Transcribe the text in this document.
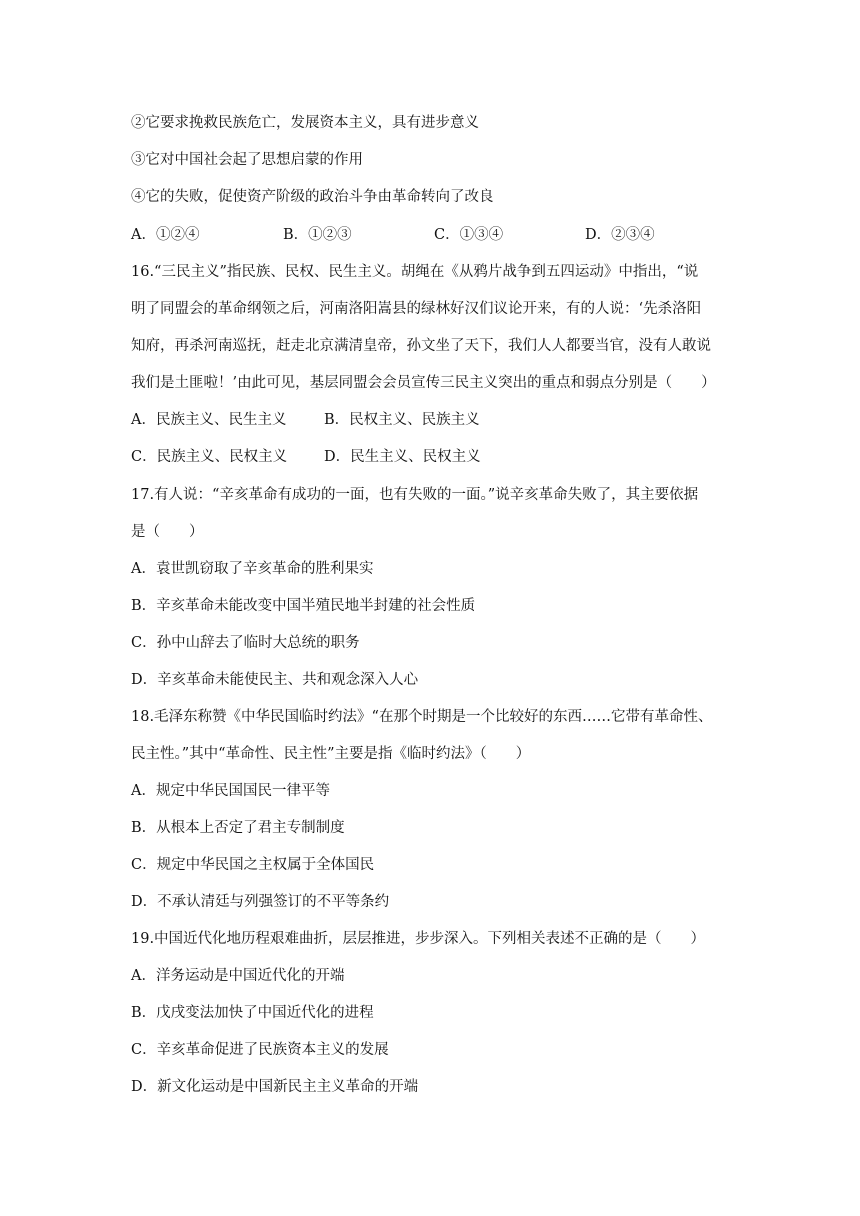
②它要求挽救民族危亡，发展资本主义，具有进步意义
③它对中国社会起了思想启蒙的作用
④它的失败，促使资产阶级的政治斗争由革命转向了改良
A．①②④	B．①②③	C．①③④	D．②③④
16.“三民主义”指民族、民权、民生主义。胡绳在《从鸦片战争到五四运动》中指出，“说
明了同盟会的革命纲领之后，河南洛阳嵩县的绿林好汉们议论开来，有的人说：‘先杀洛阳
知府，再杀河南巡抚，赶走北京满清皇帝，孙文坐了天下，我们人人都要当官，没有人敢说
我们是土匪啦！’由此可见，基层同盟会会员宣传三民主义突出的重点和弱点分别是（　　）
A．民族主义、民生主义	B．民权主义、民族主义
C．民族主义、民权主义	D．民生主义、民权主义
17.有人说：“辛亥革命有成功的一面，也有失败的一面。”说辛亥革命失败了，其主要依据
是（　　）
A．袁世凯窃取了辛亥革命的胜利果实
B．辛亥革命未能改变中国半殖民地半封建的社会性质
C．孙中山辞去了临时大总统的职务
D．辛亥革命未能使民主、共和观念深入人心
18.毛泽东称赞《中华民国临时约法》“在那个时期是一个比较好的东西……它带有革命性、
民主性。”其中“革命性、民主性”主要是指《临时约法》（　　）
A．规定中华民国国民一律平等
B．从根本上否定了君主专制制度
C．规定中华民国之主权属于全体国民
D．不承认清廷与列强签订的不平等条约
19.中国近代化地历程艰难曲折，层层推进，步步深入。下列相关表述不正确的是（　　）
A．洋务运动是中国近代化的开端
B．戊戌变法加快了中国近代化的进程
C．辛亥革命促进了民族资本主义的发展
D．新文化运动是中国新民主主义革命的开端
